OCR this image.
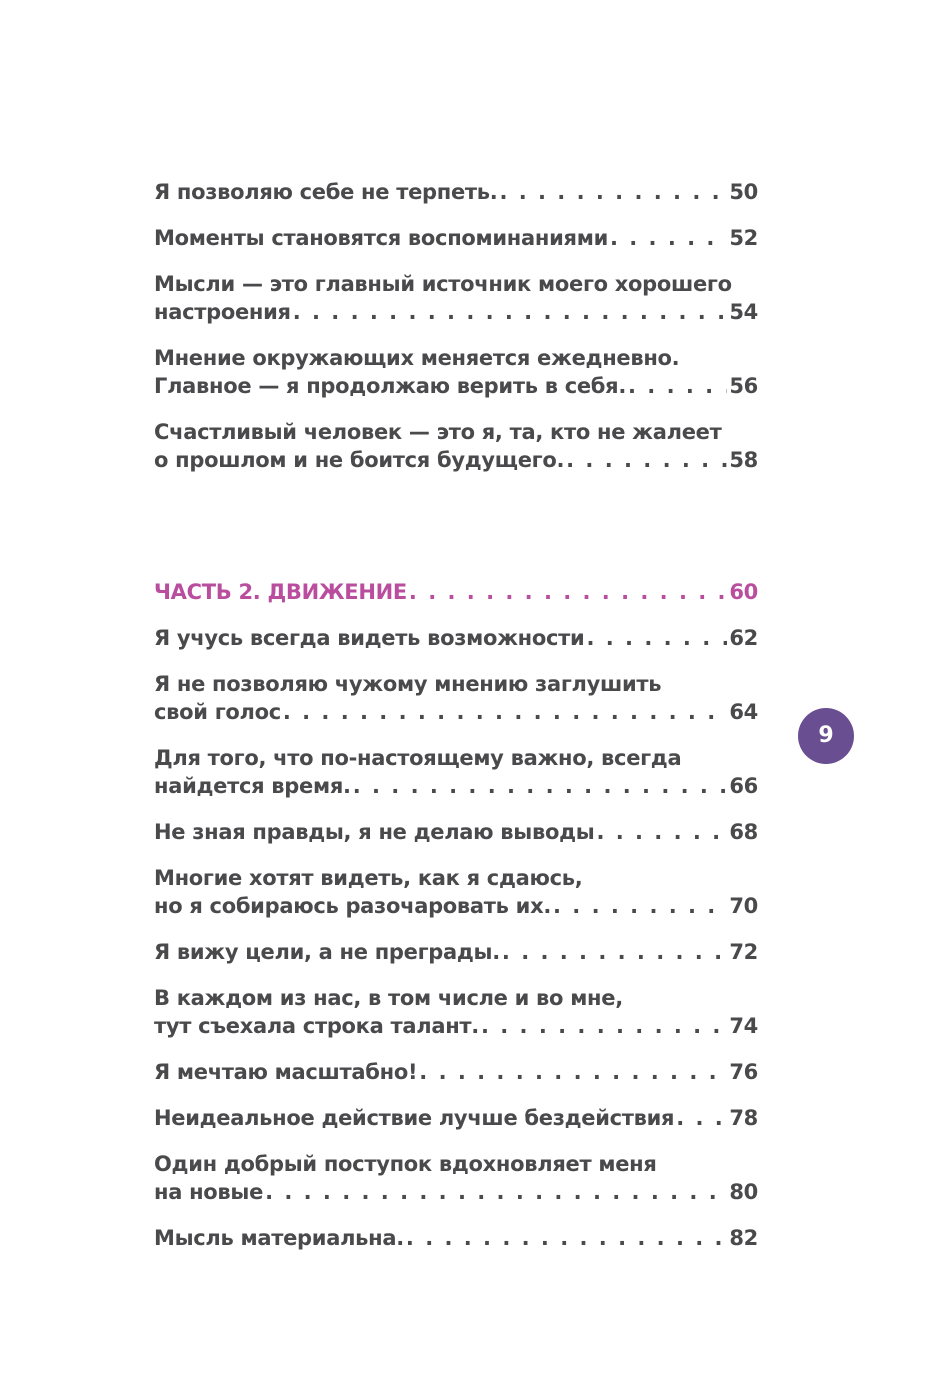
Я позволяю себе не терпеть. . . .	50
Моменты становятся воспоминаниями . . .	52
Мысли — это главный источник моего хорошего
настроения . . .	54
Мнение окружающих меняется ежедневно.
Главное — я продолжаю верить в себя. . . .	56
Счастливый человек — это я, та, кто не жалеет
о прошлом и не боится будущего. . . .	58
ЧАСТЬ 2. ДВИЖЕНИЕ . . .	60
Я учусь всегда видеть возможности . . .	62
Я не позволяю чужому мнению заглушить
свой голос . . .	64
Для того, что по-настоящему важно, всегда
найдется время. . . .	66
Не зная правды, я не делаю выводы . . .	68
Многие хотят видеть, как я сдаюсь,
но я собираюсь разочаровать их. . . .	70
Я вижу цели, а не преграды. . . .	72
В каждом из нас, в том числе и во мне,
тут съехала строка талант. . . .	74
Я мечтаю масштабно! . . .	76
Неидеальное действие лучше бездействия . . .	78
Один добрый поступок вдохновляет меня
на новые . . .	80
Мысль материальна. . . .	82
9
